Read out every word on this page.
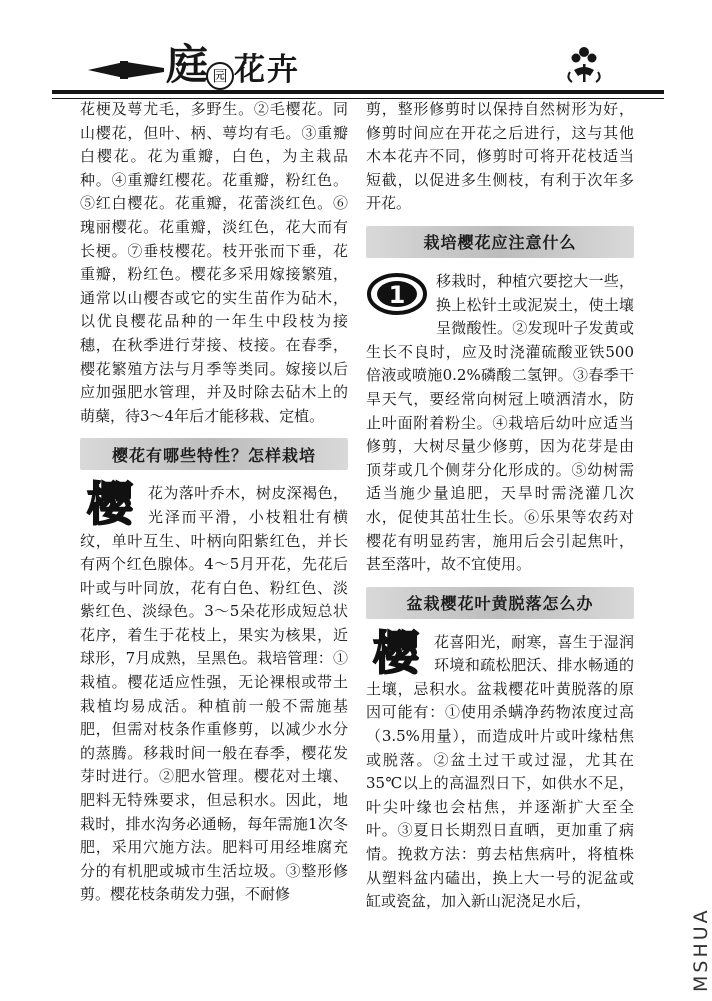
庭 园 花卉

花梗及萼尤毛，多野生。②毛樱花。同山樱花，但叶、柄、萼均有毛。③重瓣白樱花。花为重瓣，白色，为主栽品种。④重瓣红樱花。花重瓣，粉红色。⑤红白樱花。花重瓣，花蕾淡红色。⑥瑰丽樱花。花重瓣，淡红色，花大而有长梗。⑦垂枝樱花。枝开张而下垂，花重瓣，粉红色。樱花多采用嫁接繁殖，通常以山樱杏或它的实生苗作为砧木，以优良樱花品种的一年生中段枝为接穗，在秋季进行芽接、枝接。在春季，樱花繁殖方法与月季等类同。嫁接以后应加强肥水管理，并及时除去砧木上的萌蘖，待3～4年后才能移栽、定植。

樱花有哪些特性？怎样栽培

樱	花为落叶乔木，树皮深褐色，光泽而平滑，小枝粗壮有横纹，单叶互生、叶柄向阳紫红色，并长有两个红色腺体。4～5月开花，先花后叶或与叶同放，花有白色、粉红色、淡紫红色、淡绿色。3～5朵花形成短总状花序，着生于花枝上，果实为核果，近球形，7月成熟，呈黑色。栽培管理：①栽植。樱花适应性强，无论裸根或带土栽植均易成活。种植前一般不需施基肥，但需对枝条作重修剪，以减少水分的蒸腾。移栽时间一般在春季，樱花发芽时进行。②肥水管理。樱花对土壤、肥料无特殊要求，但忌积水。因此，地栽时，排水沟务必通畅，每年需施1次冬肥，采用穴施方法。肥料可用经堆腐充分的有机肥或城市生活垃圾。③整形修剪。樱花枝条萌发力强，不耐修

剪，整形修剪时以保持自然树形为好，修剪时间应在开花之后进行，这与其他木本花卉不同，修剪时可将开花枝适当短截，以促进多生侧枝，有利于次年多开花。

栽培樱花应注意什么

1 移栽时，种植穴要挖大一些，换上松针土或泥炭土，使土壤呈微酸性。②发现叶子发黄或生长不良时，应及时浇灌硫酸亚铁500倍液或喷施0.2%磷酸二氢钾。③春季干旱天气，要经常向树冠上喷洒清水，防止叶面附着粉尘。④栽培后幼叶应适当修剪，大树尽量少修剪，因为花芽是由顶芽或几个侧芽分化形成的。⑤幼树需适当施少量追肥，天旱时需浇灌几次水，促使其茁壮生长。⑥乐果等农药对樱花有明显药害，施用后会引起焦叶，甚至落叶，故不宜使用。

盆栽樱花叶黄脱落怎么办

樱	花喜阳光，耐寒，喜生于湿润环境和疏松肥沃、排水畅通的土壤，忌积水。盆栽樱花叶黄脱落的原因可能有：①使用杀螨净药物浓度过高（3.5%用量），而造成叶片或叶缘枯焦或脱落。②盆土过干或过湿，尤其在35℃以上的高温烈日下，如供水不足，叶尖叶缘也会枯焦，并逐渐扩大至全叶。③夏日长期烈日直晒，更加重了病情。挽救方法：剪去枯焦病叶，将植株从塑料盆内磕出，换上大一号的泥盆或缸或瓷盆，加入新山泥浇足水后，

MSHUA
